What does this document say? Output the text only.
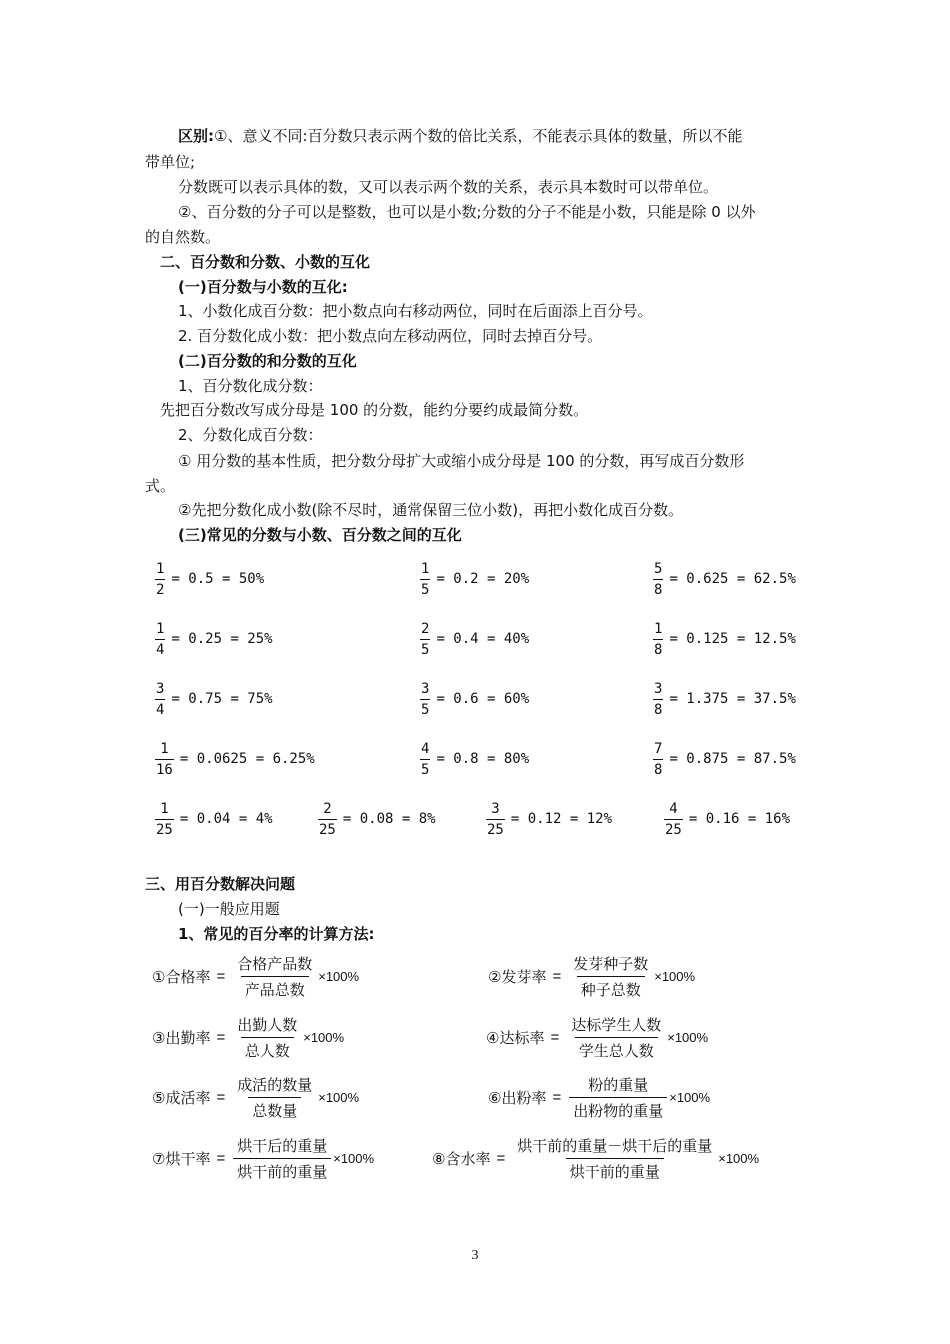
区别:①、意义不同:百分数只表示两个数的倍比关系，不能表示具体的数量，所以不能
带单位;
分数既可以表示具体的数，又可以表示两个数的关系，表示具本数时可以带单位。
②、百分数的分子可以是整数，也可以是小数;分数的分子不能是小数，只能是除 0 以外
的自然数。
二、百分数和分数、小数的互化
(一)百分数与小数的互化:
1、小数化成百分数：把小数点向右移动两位，同时在后面添上百分号。
2. 百分数化成小数：把小数点向左移动两位，同时去掉百分号。
(二)百分数的和分数的互化
1、百分数化成分数：
先把百分数改写成分母是 100 的分数，能约分要约成最简分数。
2、分数化成百分数：
① 用分数的基本性质，把分数分母扩大或缩小成分母是 100 的分数，再写成百分数形
式。
②先把分数化成小数(除不尽时，通常保留三位小数)，再把小数化成百分数。
(三)常见的分数与小数、百分数之间的互化
$\frac{1}{2} = 0.5 = 50\%$	$\frac{1}{5} = 0.2 = 20\%$	$\frac{5}{8} = 0.625 = 62.5\%$
$\frac{1}{4} = 0.25 = 25\%$	$\frac{2}{5} = 0.4 = 40\%$	$\frac{1}{8} = 0.125 = 12.5\%$
$\frac{3}{4} = 0.75 = 75\%$	$\frac{3}{5} = 0.6 = 60\%$	$\frac{3}{8} = 1.375 = 37.5\%$
$\frac{1}{16} = 0.0625 = 6.25\%$	$\frac{4}{5} = 0.8 = 80\%$	$\frac{7}{8} = 0.875 = 87.5\%$
$\frac{1}{25} = 0.04 = 4\%$	$\frac{2}{25} = 0.08 = 8\%$	$\frac{3}{25} = 0.12 = 12\%$	$\frac{4}{25} = 0.16 = 16\%$
三、用百分数解决问题
(一)一般应用题
1、常见的百分率的计算方法:
①合格率 = $\frac{\text{合格产品数}}{\text{产品总数}} \times 100\%$	②发芽率 = $\frac{\text{发芽种子数}}{\text{种子总数}} \times 100\%$
③出勤率 = $\frac{\text{出勤人数}}{\text{总人数}} \times 100\%$	④达标率 = $\frac{\text{达标学生人数}}{\text{学生总人数}} \times 100\%$
⑤成活率 = $\frac{\text{成活的数量}}{\text{总数量}} \times 100\%$	⑥出粉率 = $\frac{\text{粉的重量}}{\text{出粉物的重量}} \times 100\%$
⑦烘干率 = $\frac{\text{烘干后的重量}}{\text{烘干前的重量}} \times 100\%$	⑧含水率 = $\frac{\text{烘干前的重量－烘干后的重量}}{\text{烘干前的重量}} \times 100\%$
3
